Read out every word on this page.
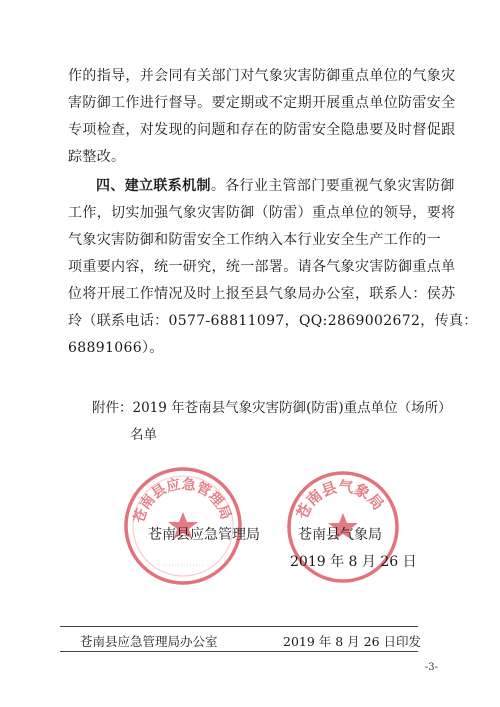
作的指导，并会同有关部门对气象灾害防御重点单位的气象灾
害防御工作进行督导。要定期或不定期开展重点单位防雷安全
专项检查，对发现的问题和存在的防雷安全隐患要及时督促跟
踪整改。
四、建立联系机制。各行业主管部门要重视气象灾害防御
工作，切实加强气象灾害防御（防雷）重点单位的领导，要将
气象灾害防御和防雷安全工作纳入本行业安全生产工作的一
项重要内容，统一研究，统一部署。请各气象灾害防御重点单
位将开展工作情况及时上报至县气象局办公室，联系人：侯苏
玲（联系电话：0577-68811097，QQ:2869002672，传真：
68891066）。
附件：2019 年苍南县气象灾害防御(防雷)重点单位（场所）
名单
苍南县应急管理局
··············
苍南县气象局
苍南县应急管理局	苍南县气象局
2019 年 8 月 26 日
苍南县应急管理局办公室	2019 年 8 月 26 日印发
-3-
